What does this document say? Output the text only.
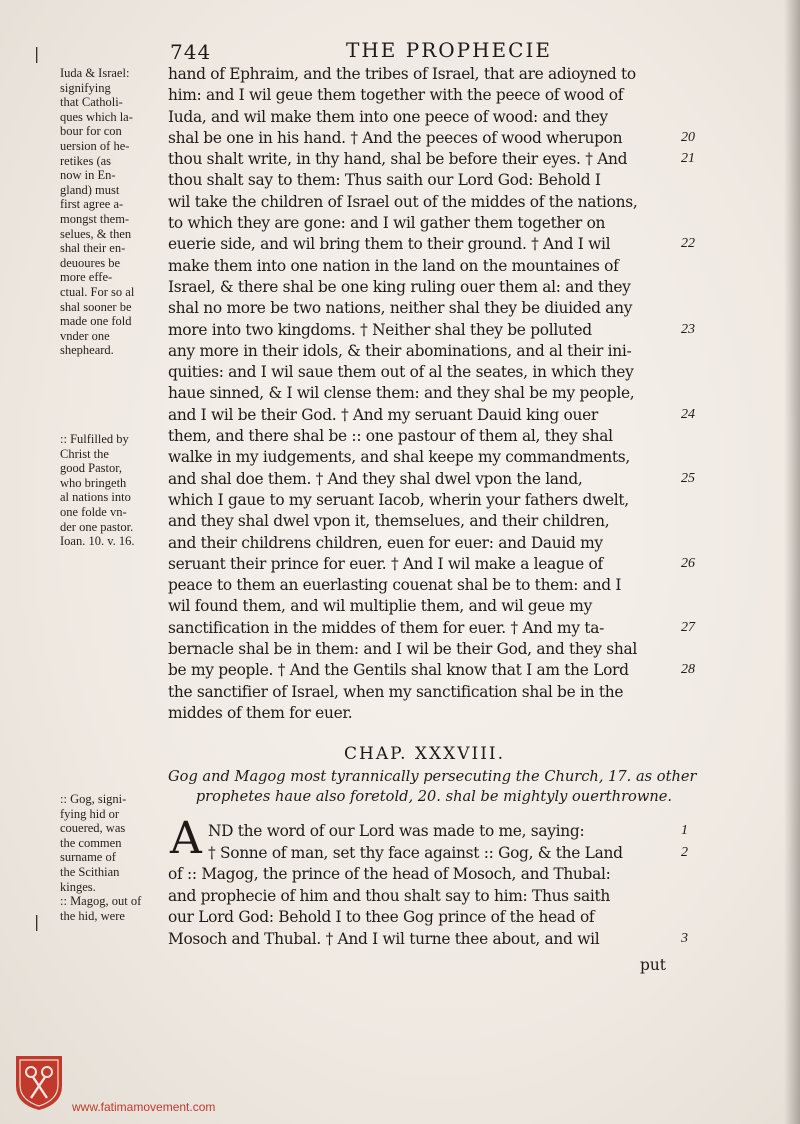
744	THE PROPHECIE
|
|
Iuda & Israel:
signifying
that Catholi-
ques which la-
bour for con
uersion of he-
retikes (as
now in En-
gland) must
first agree a-
mongst them-
selues, & then
shal their en-
deuoures be
more effe-
ctual. For so al
shal sooner be
made one fold
vnder one
shepheard.
:: Fulfilled by
Christ the
good Pastor,
who bringeth
al nations into
one folde vn-
der one pastor.
Ioan. 10. v. 16.
:: Gog, signi-
fying hid or
couered, was
the commen
surname of
the Scithian
kinges.
:: Magog, out of
the hid, were
hand of Ephraim, and the tribes of Israel, that are adioyned to
him: and I wil geue them together with the peece of wood of
Iuda, and wil make them into one peece of wood: and they
shal be one in his hand. † And the peeces of wood wherupon
thou shalt write, in thy hand, shal be before their eyes. † And
thou shalt say to them: Thus saith our Lord God: Behold I
wil take the children of Israel out of the middes of the nations,
to which they are gone: and I wil gather them together on
euerie side, and wil bring them to their ground. † And I wil
make them into one nation in the land on the mountaines of
Israel, & there shal be one king ruling ouer them al: and they
shal no more be two nations, neither shal they be diuided any
more into two kingdoms. † Neither shal they be polluted
any more in their idols, & their abominations, and al their ini-
quities: and I wil saue them out of al the seates, in which they
haue sinned, & I wil clense them: and they shal be my people,
and I wil be their God. † And my seruant Dauid king ouer
them, and there shal be :: one pastour of them al, they shal
walke in my iudgements, and shal keepe my commandments,
and shal doe them. † And they shal dwel vpon the land,
which I gaue to my seruant Iacob, wherin your fathers dwelt,
and they shal dwel vpon it, themselues, and their children,
and their childrens children, euen for euer: and Dauid my
seruant their prince for euer. † And I wil make a league of
peace to them an euerlasting couenat shal be to them: and I
wil found them, and wil multiplie them, and wil geue my
sanctification in the middes of them for euer. † And my ta-
bernacle shal be in them: and I wil be their God, and they shal
be my people. † And the Gentils shal know that I am the Lord
the sanctifier of Israel, when my sanctification shal be in the
middes of them for euer.
20
21
22
23
24
25
26
27
28
1
2
3
CHAP. XXXVIII.
Gog and Magog most tyrannically persecuting the Church, 17. as other
prophetes haue also foretold, 20. shal be mightyly ouerthrowne.
A ND the word of our Lord was made to me, saying:
† Sonne of man, set thy face against :: Gog, & the Land
of :: Magog, the prince of the head of Mosoch, and Thubal:
and prophecie of him and thou shalt say to him: Thus saith
our Lord God: Behold I to thee Gog prince of the head of
Mosoch and Thubal. † And I wil turne thee about, and wil
put
www.fatimamovement.com
